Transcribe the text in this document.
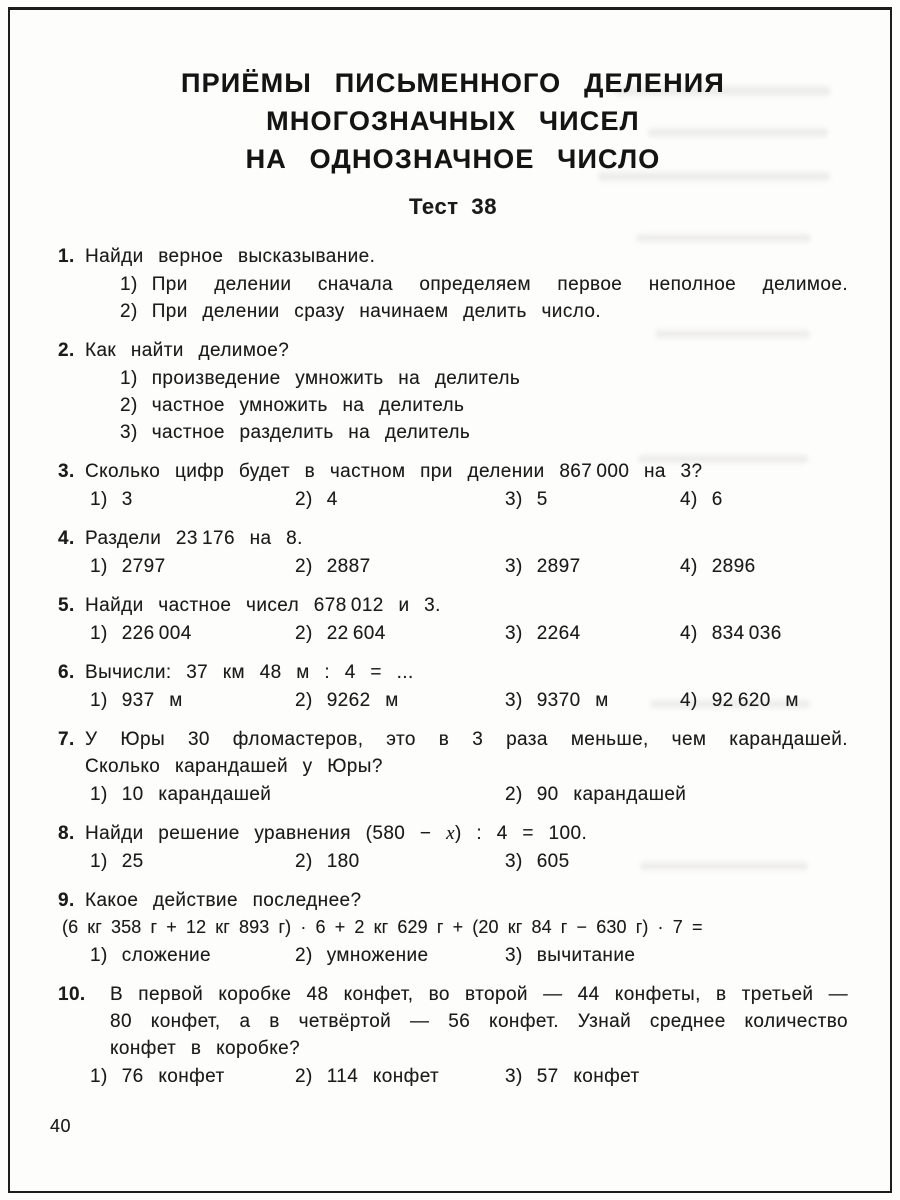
ПРИЁМЫ ПИСЬМЕННОГО ДЕЛЕНИЯ
МНОГОЗНАЧНЫХ ЧИСЕЛ
НА ОДНОЗНАЧНОЕ ЧИСЛО
Тест 38
1. Найди верное высказывание.
1) При делении сначала определяем первое неполное делимое.
2) При делении сразу начинаем делить число.
2. Как найти делимое?
1) произведение умножить на делитель
2) частное умножить на делитель
3) частное разделить на делитель
3. Сколько цифр будет в частном при делении 867 000 на 3?
1) 3	2) 4	3) 5	4) 6
4. Раздели 23 176 на 8.
1) 2797	2) 2887	3) 2897	4) 2896
5. Найди частное чисел 678 012 и 3.
1) 226 004	2) 22 604	3) 2264	4) 834 036
6. Вычисли: 37 км 48 м : 4 = ...
1) 937 м	2) 9262 м	3) 9370 м	4) 92 620 м
7. У Юры 30 фломастеров, это в 3 раза меньше, чем карандашей. Сколько карандашей у Юры?
1) 10 карандашей	2) 90 карандашей
8. Найди решение уравнения (580 − x) : 4 = 100.
1) 25	2) 180	3) 605
9. Какое действие последнее?
(6 кг 358 г + 12 кг 893 г) · 6 + 2 кг 629 г + (20 кг 84 г − 630 г) · 7 =
1) сложение	2) умножение	3) вычитание
10.	В первой коробке 48 конфет, во второй — 44 конфеты, в третьей — 80 конфет, а в четвёртой — 56 конфет. Узнай среднее количество конфет в коробке?
1) 76 конфет	2) 114 конфет	3) 57 конфет
40
